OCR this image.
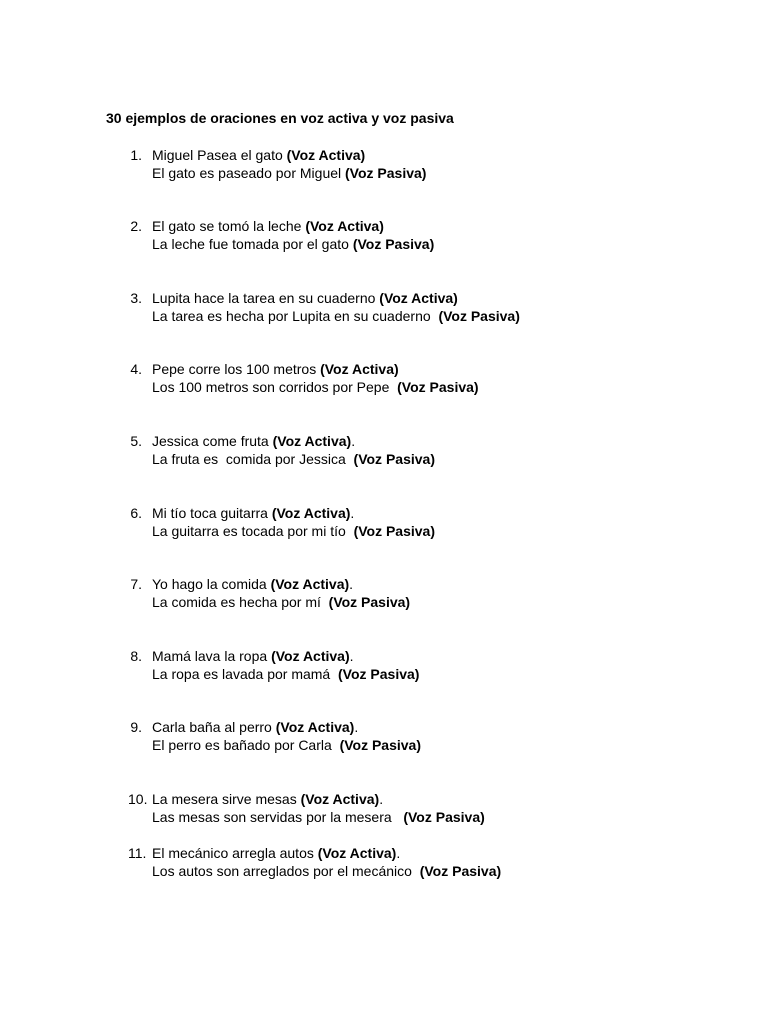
30 ejemplos de oraciones en voz activa y voz pasiva
1. Miguel Pasea el gato (Voz Activa)
El gato es paseado por Miguel (Voz Pasiva)
2. El gato se tomó la leche (Voz Activa)
La leche fue tomada por el gato (Voz Pasiva)
3. Lupita hace la tarea en su cuaderno (Voz Activa)
La tarea es hecha por Lupita en su cuaderno  (Voz Pasiva)
4. Pepe corre los 100 metros (Voz Activa)
Los 100 metros son corridos por Pepe  (Voz Pasiva)
5. Jessica come fruta (Voz Activa).
La fruta es  comida por Jessica  (Voz Pasiva)
6. Mi tío toca guitarra (Voz Activa).
La guitarra es tocada por mi tío  (Voz Pasiva)
7. Yo hago la comida (Voz Activa).
La comida es hecha por mí  (Voz Pasiva)
8. Mamá lava la ropa (Voz Activa).
La ropa es lavada por mamá  (Voz Pasiva)
9. Carla baña al perro (Voz Activa).
El perro es bañado por Carla  (Voz Pasiva)
10. La mesera sirve mesas (Voz Activa).
Las mesas son servidas por la mesera   (Voz Pasiva)
11. El mecánico arregla autos (Voz Activa).
Los autos son arreglados por el mecánico  (Voz Pasiva)
